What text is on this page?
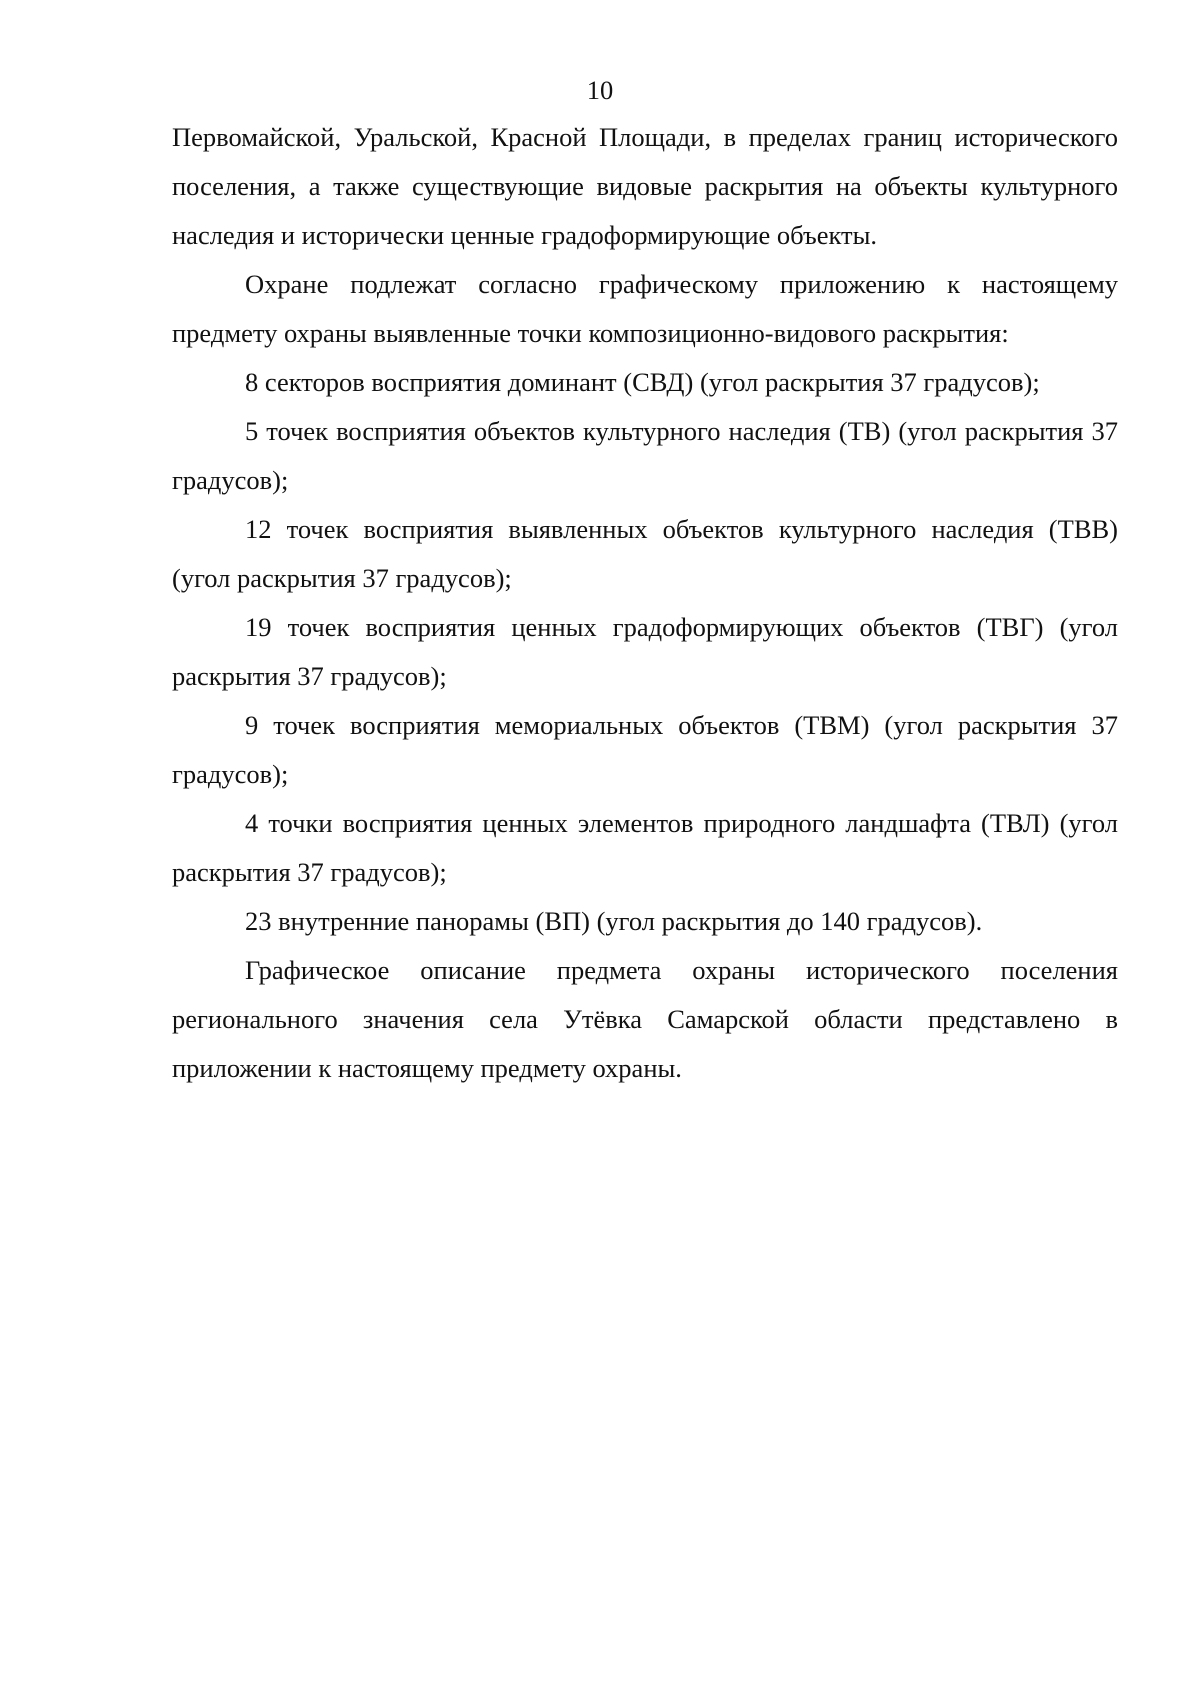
10

Первомайской, Уральской, Красной Площади, в пределах границ исторического поселения, а также существующие видовые раскрытия на объекты культурного наследия и исторически ценные градоформирующие объекты.

Охране подлежат согласно графическому приложению к настоящему предмету охраны выявленные точки композиционно-видового раскрытия:

8 секторов восприятия доминант (СВД) (угол раскрытия 37 градусов);

5 точек восприятия объектов культурного наследия (ТВ) (угол раскрытия 37 градусов);

12 точек восприятия выявленных объектов культурного наследия (ТВВ) (угол раскрытия 37 градусов);

19 точек восприятия ценных градоформирующих объектов (ТВГ) (угол раскрытия 37 градусов);

9 точек восприятия мемориальных объектов (ТВМ) (угол раскрытия 37 градусов);

4 точки восприятия ценных элементов природного ландшафта (ТВЛ) (угол раскрытия 37 градусов);

23 внутренние панорамы (ВП) (угол раскрытия до 140 градусов).

Графическое описание предмета охраны исторического поселения регионального значения села Утёвка Самарской области представлено в приложении к настоящему предмету охраны.
